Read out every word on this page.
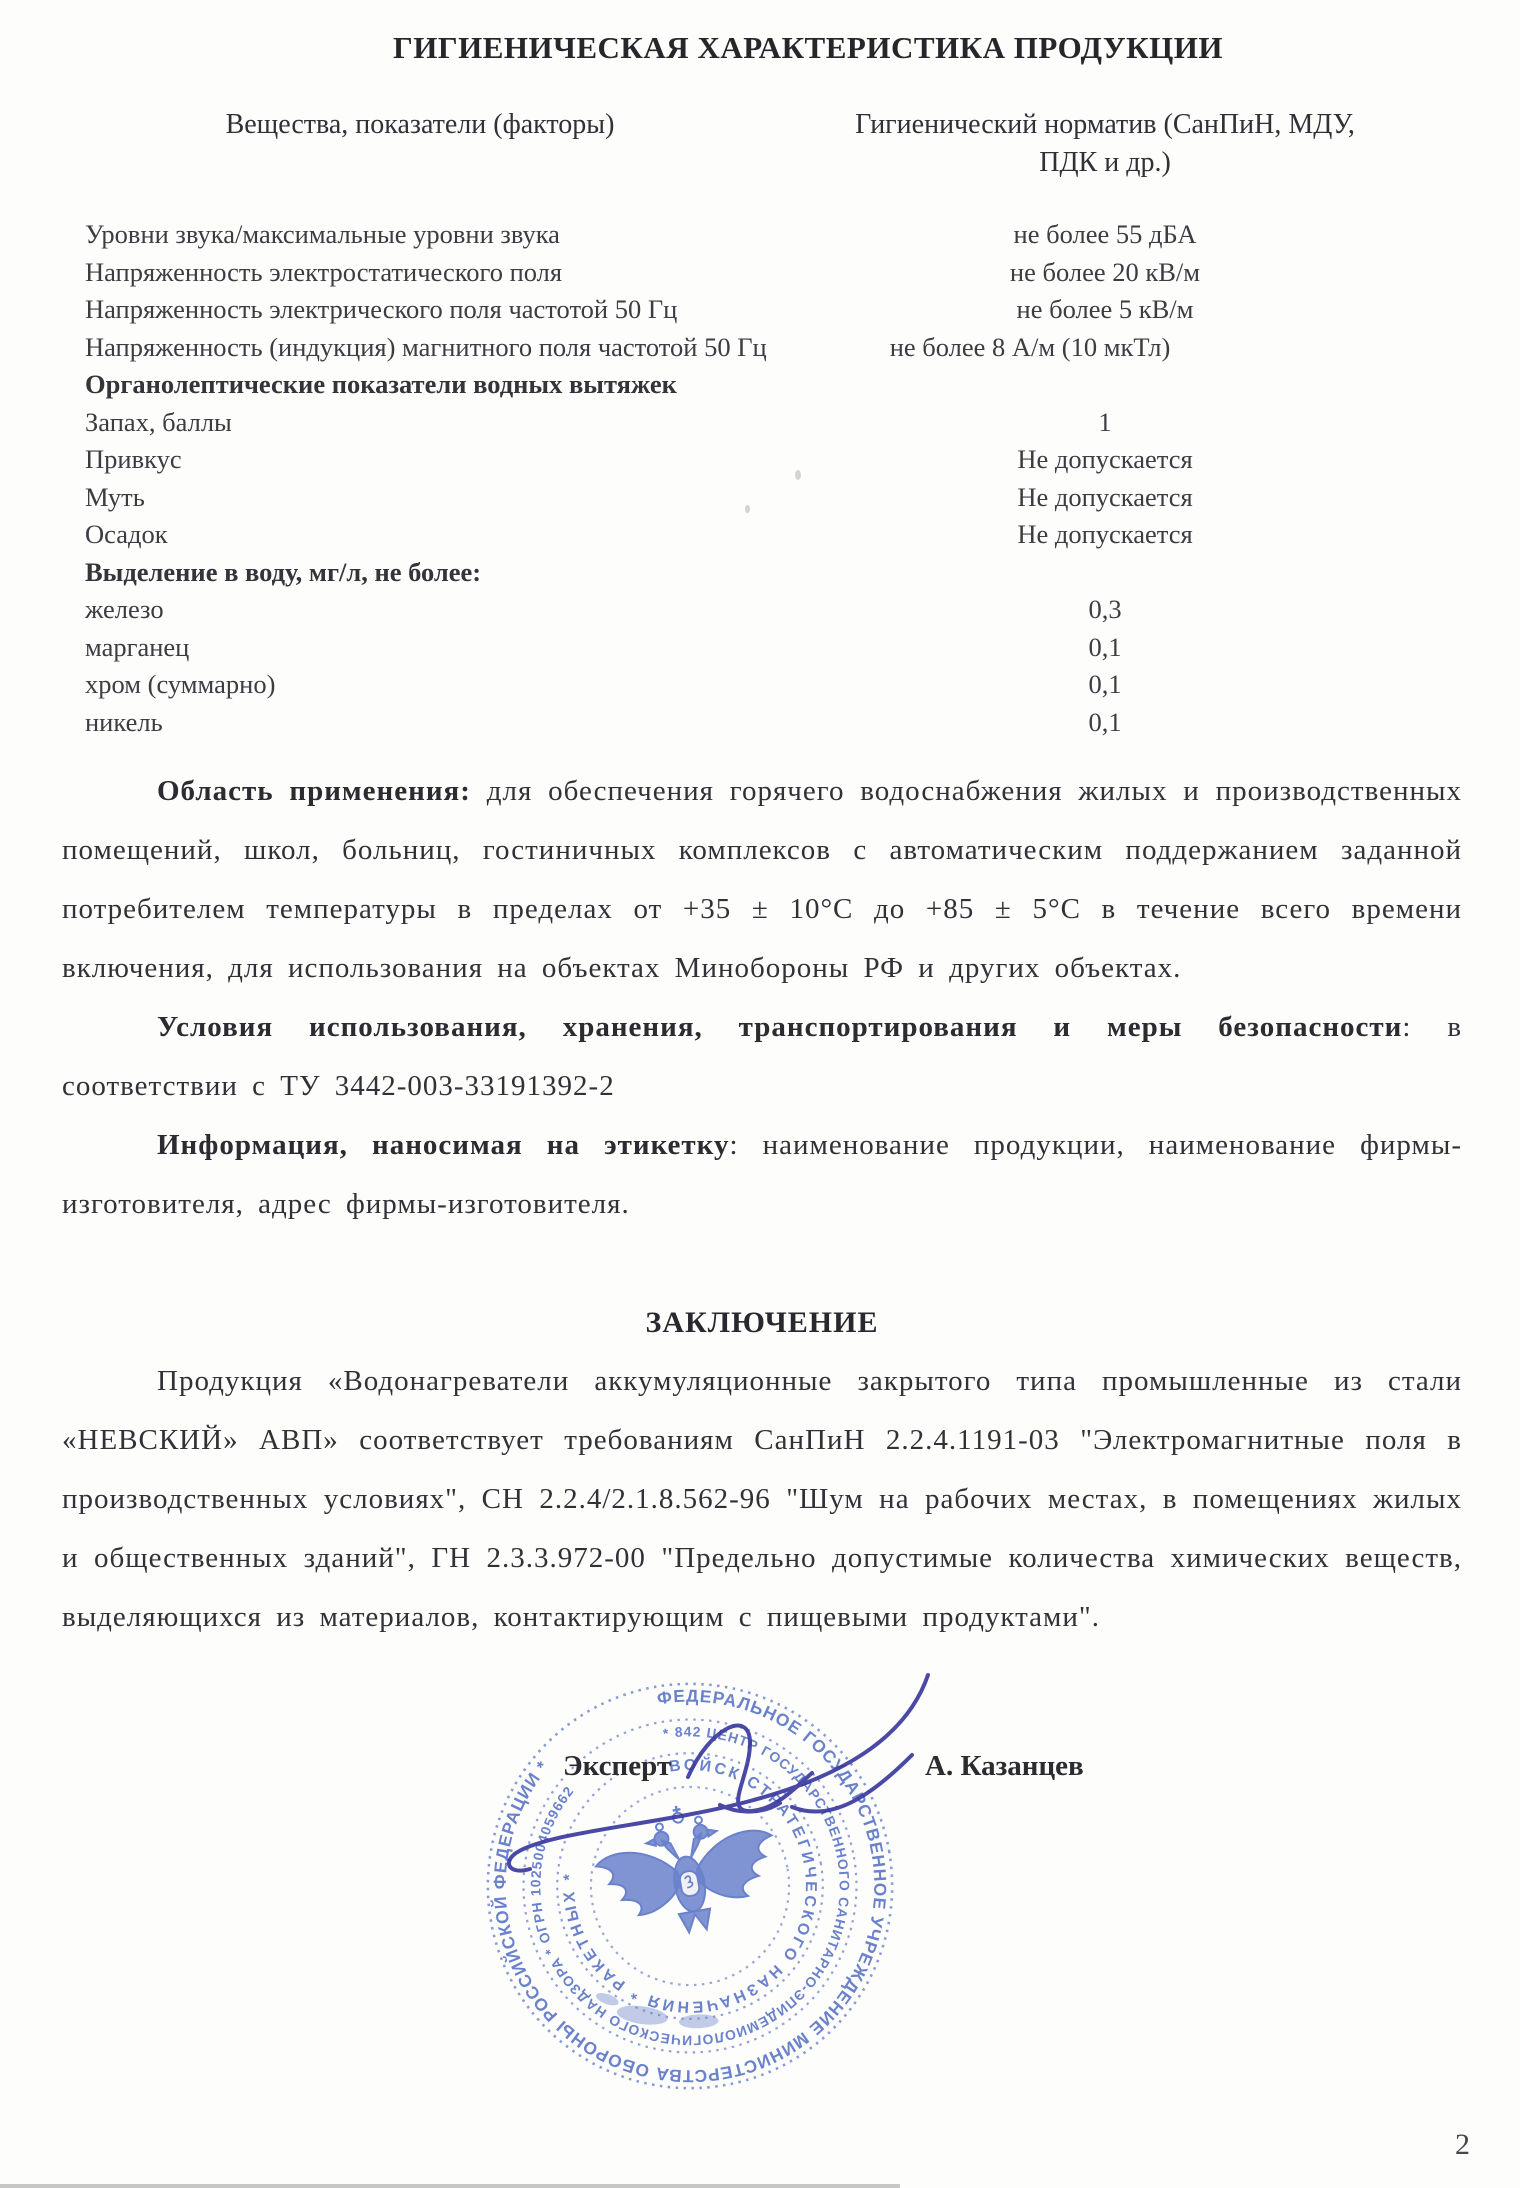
ГИГИЕНИЧЕСКАЯ ХАРАКТЕРИСТИКА ПРОДУКЦИИ
Вещества, показатели (факторы)	Гигиенический норматив (СанПиН, МДУ, ПДК и др.)
Уровни звука/максимальные уровни звука	не более 55 дБА
Напряженность электростатического поля	не более 20 кВ/м
Напряженность электрического поля частотой 50 Гц	не более 5 кВ/м
Напряженность (индукция) магнитного поля частотой 50 Гц	не более 8 А/м (10 мкТл)
Органолептические показатели водных вытяжек
Запах, баллы	1
Привкус	Не допускается
Муть	Не допускается
Осадок	Не допускается
Выделение в воду, мг/л, не более:
железо	0,3
марганец	0,1
хром (суммарно)	0,1
никель	0,1

Область применения: для обеспечения горячего водоснабжения жилых и производственных помещений, школ, больниц, гостиничных комплексов с автоматическим поддержанием заданной потребителем температуры в пределах от +35 ± 10°С до +85 ± 5°С в течение всего времени включения, для использования на объектах Минобороны РФ и других объектах.

Условия использования, хранения, транспортирования и меры безопасности: в соответствии с ТУ 3442-003-33191392-2

Информация, наносимая на этикетку: наименование продукции, наименование фирмы-изготовителя, адрес фирмы-изготовителя.

ЗАКЛЮЧЕНИЕ

Продукция «Водонагреватели аккумуляционные закрытого типа промышленные из стали «НЕВСКИЙ» АВП» соответствует требованиям СанПиН 2.2.4.1191-03 "Электромагнитные поля в производственных условиях", СН 2.2.4/2.1.8.562-96 "Шум на рабочих местах, в помещениях жилых и общественных зданий", ГН 2.3.3.972-00 "Предельно допустимые количества химических веществ, выделяющихся из материалов, контактирующим с пищевыми продуктами".

ФЕДЕРАЛЬНОЕ ГОСУДАРСТВЕННОЕ УЧРЕЖДЕНИЕ МИНИСТЕРСТВА ОБОРОНЫ РОССИЙСКОЙ ФЕДЕРАЦИИ *
* 842 ЦЕНТР ГОСУДАРСТВЕННОГО САНИТАРНО-ЭПИДЕМИОЛОГИЧЕСКОГО НАДЗОРА * ОГРН 1025004059662
ВОЙСК СТРАТЕГИЧЕСКОГО НАЗНАЧЕНИЯ * РАКЕТНЫХ *
Эксперт	А. Казанцев
2
